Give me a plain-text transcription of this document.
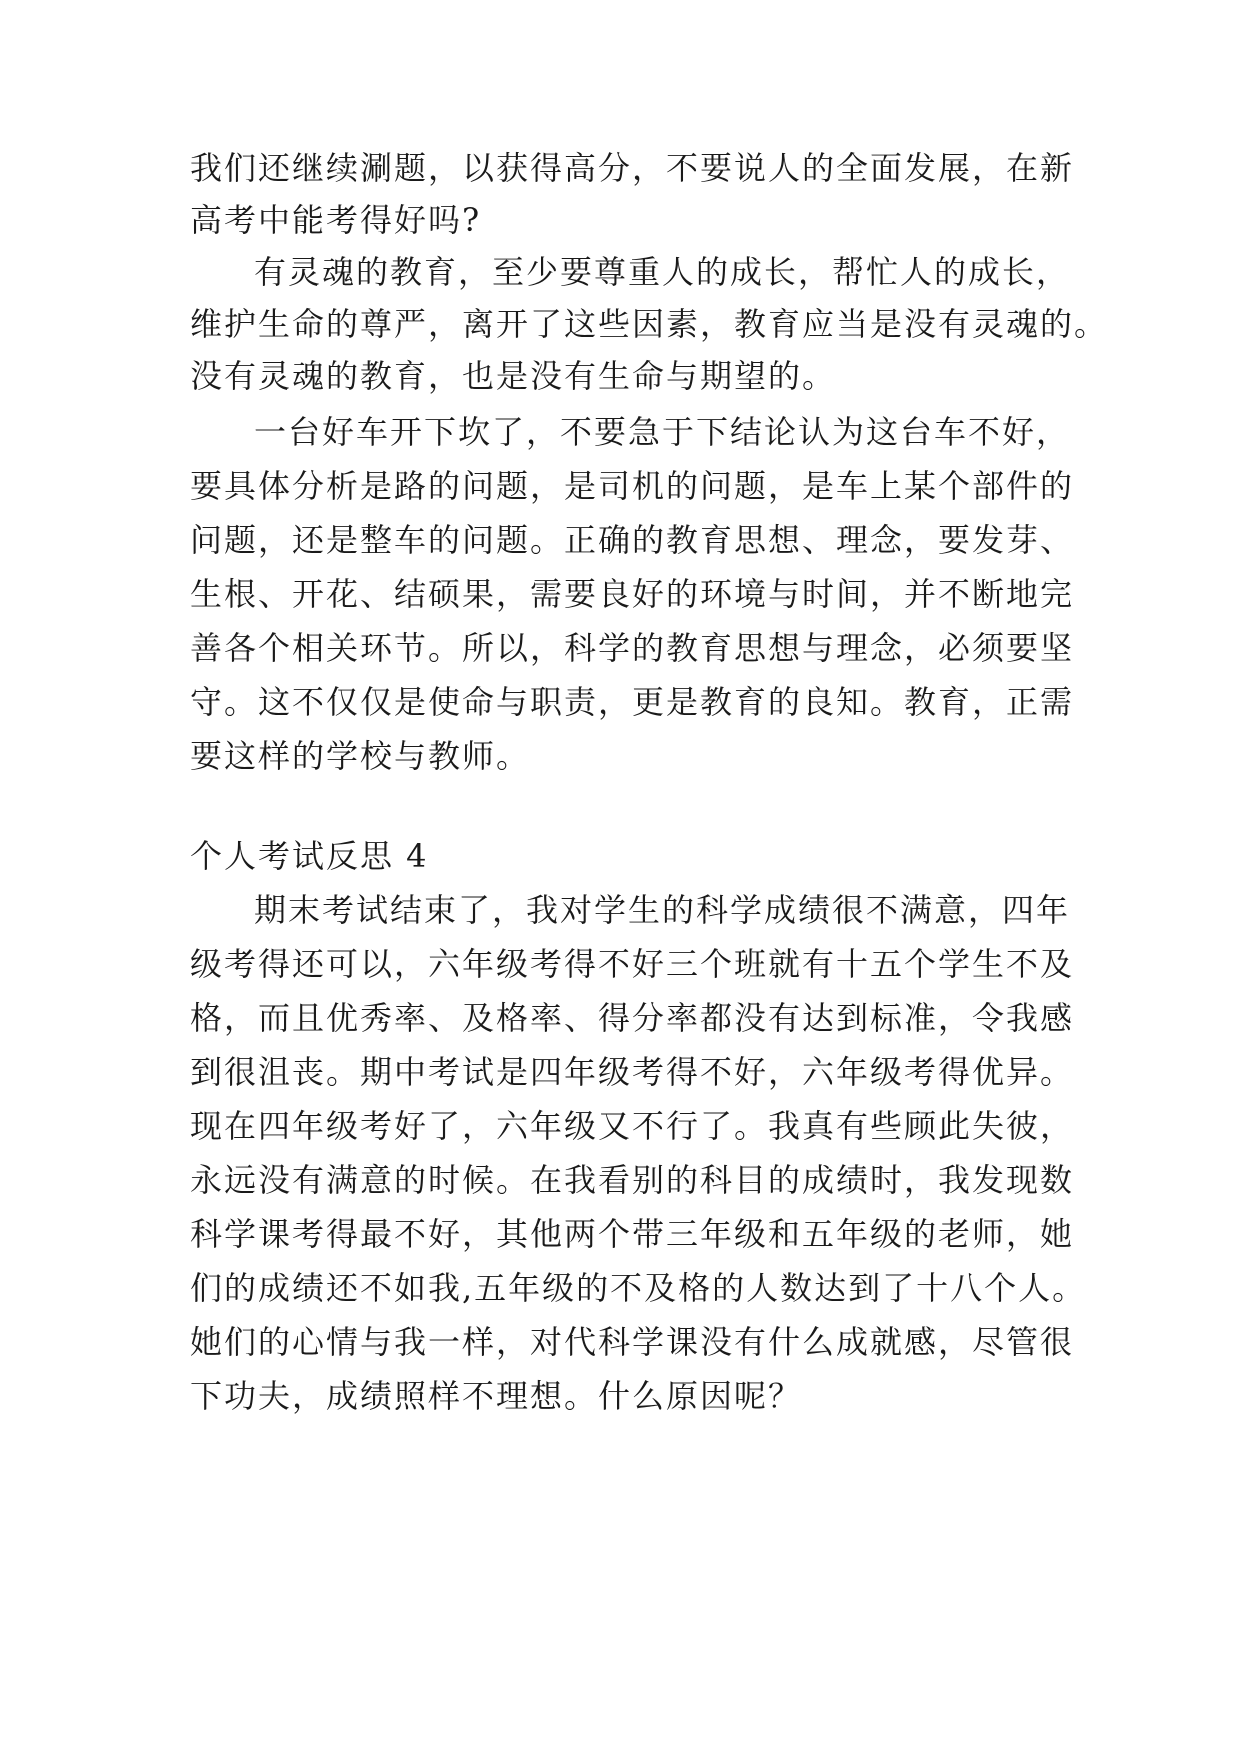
我们还继续涮题，以获得高分，不要说人的全面发展，在新
高考中能考得好吗?
有灵魂的教育，至少要尊重人的成长，帮忙人的成长，
维护生命的尊严，离开了这些因素，教育应当是没有灵魂的。
没有灵魂的教育，也是没有生命与期望的。
一台好车开下坎了，不要急于下结论认为这台车不好，
要具体分析是路的问题，是司机的问题，是车上某个部件的
问题，还是整车的问题。正确的教育思想、理念，要发芽、
生根、开花、结硕果，需要良好的环境与时间，并不断地完
善各个相关环节。所以，科学的教育思想与理念，必须要坚
守。这不仅仅是使命与职责，更是教育的良知。教育，正需
要这样的学校与教师。
个人考试反思 4
期末考试结束了，我对学生的科学成绩很不满意，四年
级考得还可以，六年级考得不好三个班就有十五个学生不及
格，而且优秀率、及格率、得分率都没有达到标准，令我感
到很沮丧。期中考试是四年级考得不好，六年级考得优异。
现在四年级考好了，六年级又不行了。我真有些顾此失彼，
永远没有满意的时候。在我看别的科目的成绩时，我发现数
科学课考得最不好，其他两个带三年级和五年级的老师，她
们的成绩还不如我,五年级的不及格的人数达到了十八个人。
她们的心情与我一样，对代科学课没有什么成就感，尽管很
下功夫，成绩照样不理想。什么原因呢？
